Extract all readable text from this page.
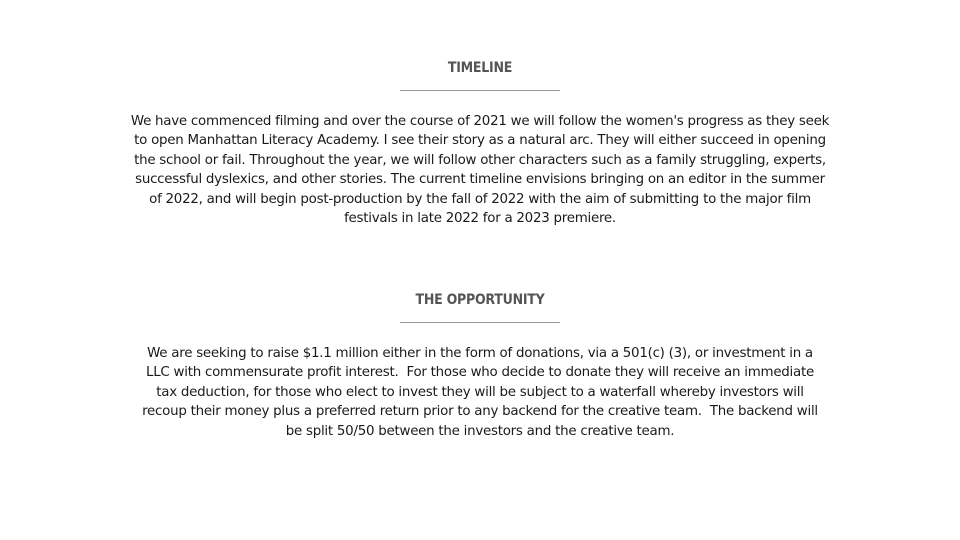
TIMELINE

We have commenced filming and over the course of 2021 we will follow the women's progress as they seek to open Manhattan Literacy Academy. I see their story as a natural arc. They will either succeed in opening the school or fail. Throughout the year, we will follow other characters such as a family struggling, experts, successful dyslexics, and other stories. The current timeline envisions bringing on an editor in the summer of 2022, and will begin post-production by the fall of 2022 with the aim of submitting to the major film festivals in late 2022 for a 2023 premiere.

THE OPPORTUNITY

We are seeking to raise $1.1 million either in the form of donations, via a 501(c) (3), or investment in a LLC with commensurate profit interest.  For those who decide to donate they will receive an immediate tax deduction, for those who elect to invest they will be subject to a waterfall whereby investors will recoup their money plus a preferred return prior to any backend for the creative team.  The backend will be split 50/50 between the investors and the creative team.
